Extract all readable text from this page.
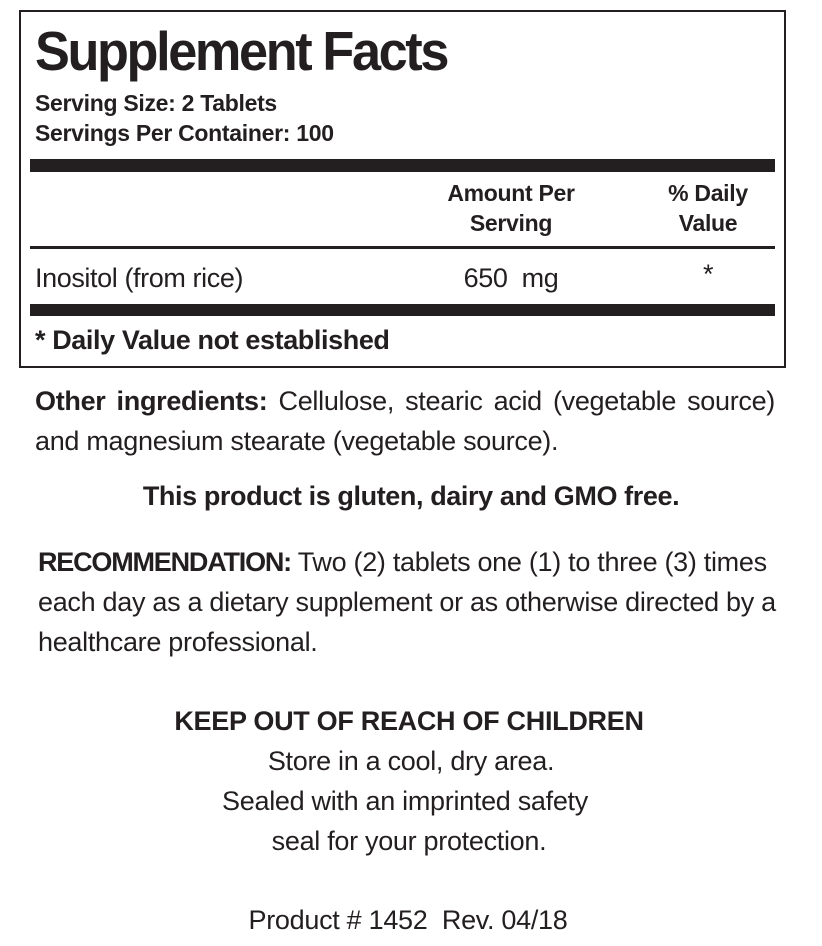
Supplement Facts
Serving Size: 2 Tablets
Servings Per Container: 100
Amount Per
Serving
% Daily
Value
Inositol (from rice)	650  mg	*
* Daily Value not established

Other ingredients: Cellulose, stearic acid (vegetable source) and magnesium stearate (vegetable source).

This product is gluten, dairy and GMO free.

RECOMMENDATION: Two (2) tablets one (1) to three (3) times each day as a dietary supplement or as otherwise directed by a healthcare professional.

KEEP OUT OF REACH OF CHILDREN
Store in a cool, dry area.
Sealed with an imprinted safety
seal for your protection.
Product # 1452  Rev. 04/18
